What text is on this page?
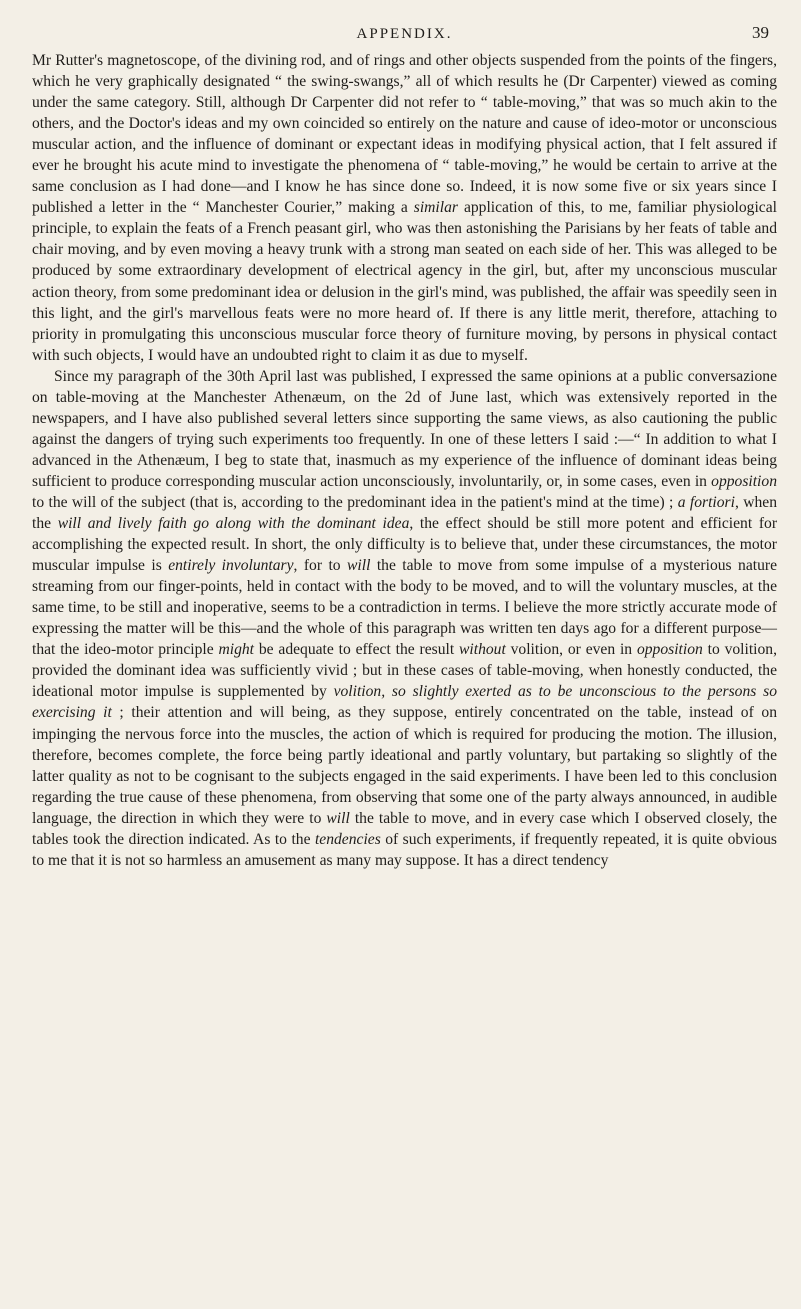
APPENDIX.	39

Mr Rutter's magnetoscope, of the divining rod, and of rings and other objects suspended from the points of the fingers, which he very graphically designated “ the swing-swangs,” all of which results he (Dr Carpenter) viewed as coming under the same category. Still, although Dr Carpenter did not refer to “ table-moving,” that was so much akin to the others, and the Doctor's ideas and my own coincided so entirely on the nature and cause of ideo-motor or unconscious muscular action, and the influence of dominant or expectant ideas in modifying physical action, that I felt assured if ever he brought his acute mind to investigate the phenomena of “ table-moving,” he would be certain to arrive at the same conclusion as I had done—and I know he has since done so. Indeed, it is now some five or six years since I published a letter in the “ Manchester Courier,” making a similar application of this, to me, familiar physiological principle, to explain the feats of a French peasant girl, who was then astonishing the Parisians by her feats of table and chair moving, and by even moving a heavy trunk with a strong man seated on each side of her. This was alleged to be produced by some extraordinary development of electrical agency in the girl, but, after my unconscious muscular action theory, from some predominant idea or delusion in the girl's mind, was published, the affair was speedily seen in this light, and the girl's marvellous feats were no more heard of. If there is any little merit, therefore, attaching to priority in promulgating this unconscious muscular force theory of furniture moving, by persons in physical contact with such objects, I would have an undoubted right to claim it as due to myself.

Since my paragraph of the 30th April last was published, I expressed the same opinions at a public conversazione on table-moving at the Manchester Athenæum, on the 2d of June last, which was extensively reported in the newspapers, and I have also published several letters since supporting the same views, as also cautioning the public against the dangers of trying such experiments too frequently. In one of these letters I said :—“ In addition to what I advanced in the Athenæum, I beg to state that, inasmuch as my experience of the influence of dominant ideas being sufficient to produce corresponding muscular action unconsciously, involuntarily, or, in some cases, even in opposition to the will of the subject (that is, according to the predominant idea in the patient's mind at the time) ; a fortiori, when the will and lively faith go along with the dominant idea, the effect should be still more potent and efficient for accomplishing the expected result. In short, the only difficulty is to believe that, under these circumstances, the motor muscular impulse is entirely involuntary, for to will the table to move from some impulse of a mysterious nature streaming from our finger-points, held in contact with the body to be moved, and to will the voluntary muscles, at the same time, to be still and inoperative, seems to be a contradiction in terms. I believe the more strictly accurate mode of expressing the matter will be this—and the whole of this paragraph was written ten days ago for a different purpose—that the ideo-motor principle might be adequate to effect the result without volition, or even in opposition to volition, provided the dominant idea was sufficiently vivid ; but in these cases of table-moving, when honestly conducted, the ideational motor impulse is supplemented by volition, so slightly exerted as to be unconscious to the persons so exercising it ; their attention and will being, as they suppose, entirely concentrated on the table, instead of on impinging the nervous force into the muscles, the action of which is required for producing the motion. The illusion, therefore, becomes complete, the force being partly ideational and partly voluntary, but partaking so slightly of the latter quality as not to be cognisant to the subjects engaged in the said experiments. I have been led to this conclusion regarding the true cause of these phenomena, from observing that some one of the party always announced, in audible language, the direction in which they were to will the table to move, and in every case which I observed closely, the tables took the direction indicated. As to the tendencies of such experiments, if frequently repeated, it is quite obvious to me that it is not so harmless an amusement as many may suppose. It has a direct tendency
